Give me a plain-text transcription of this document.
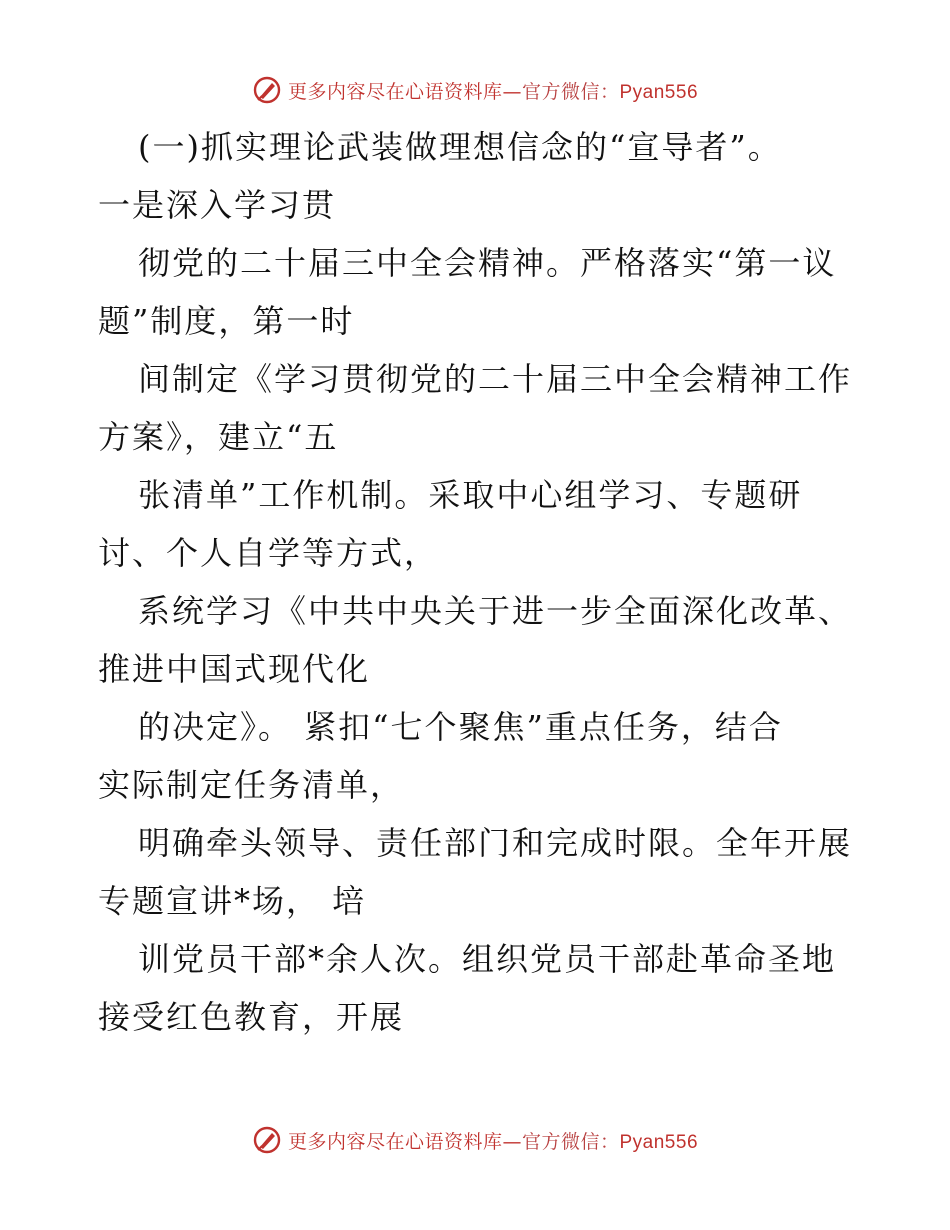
更多内容尽在心语资料库—官方微信：Pyan556
(一)抓实理论武装做理想信念的“宣导者”。
一是深入学习贯
彻党的二十届三中全会精神。严格落实“第一议
题”制度，第一时
间制定《学习贯彻党的二十届三中全会精神工作
方案》，建立“五
张清单”工作机制。采取中心组学习、专题研
讨、个人自学等方式，
系统学习《中共中央关于进一步全面深化改革、
推进中国式现代化
的决定》。 紧扣“七个聚焦”重点任务，结合
实际制定任务清单，
明确牵头领导、责任部门和完成时限。全年开展
专题宣讲*场， 培
训党员干部*余人次。组织党员干部赴革命圣地
接受红色教育，开展
更多内容尽在心语资料库—官方微信：Pyan556
